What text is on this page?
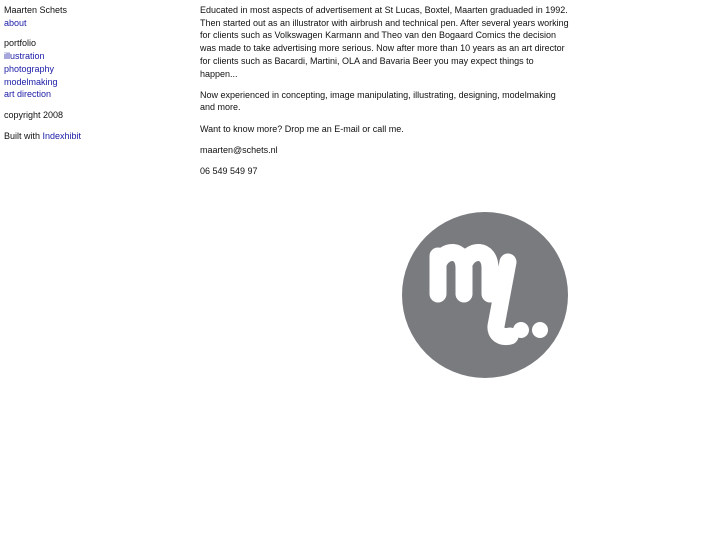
Maarten Schets
about
portfolio
illustration
photography
modelmaking
art direction
copyright 2008
Built with Indexhibit

Educated in most aspects of advertisement at St Lucas, Boxtel, Maarten graduaded in 1992. Then started out as an illustrator with airbrush and technical pen. After several years working for clients such as Volkswagen Karmann and Theo van den Bogaard Comics the decision was made to take advertising more serious. Now after more than 10 years as an art director for clients such as Bacardi, Martini, OLA and Bavaria Beer you may expect things to happen...

Now experienced in concepting, image manipulating, illustrating, designing, modelmaking and more.

Want to know more? Drop me an E-mail or call me.

maarten@schets.nl

06 549 549 97
